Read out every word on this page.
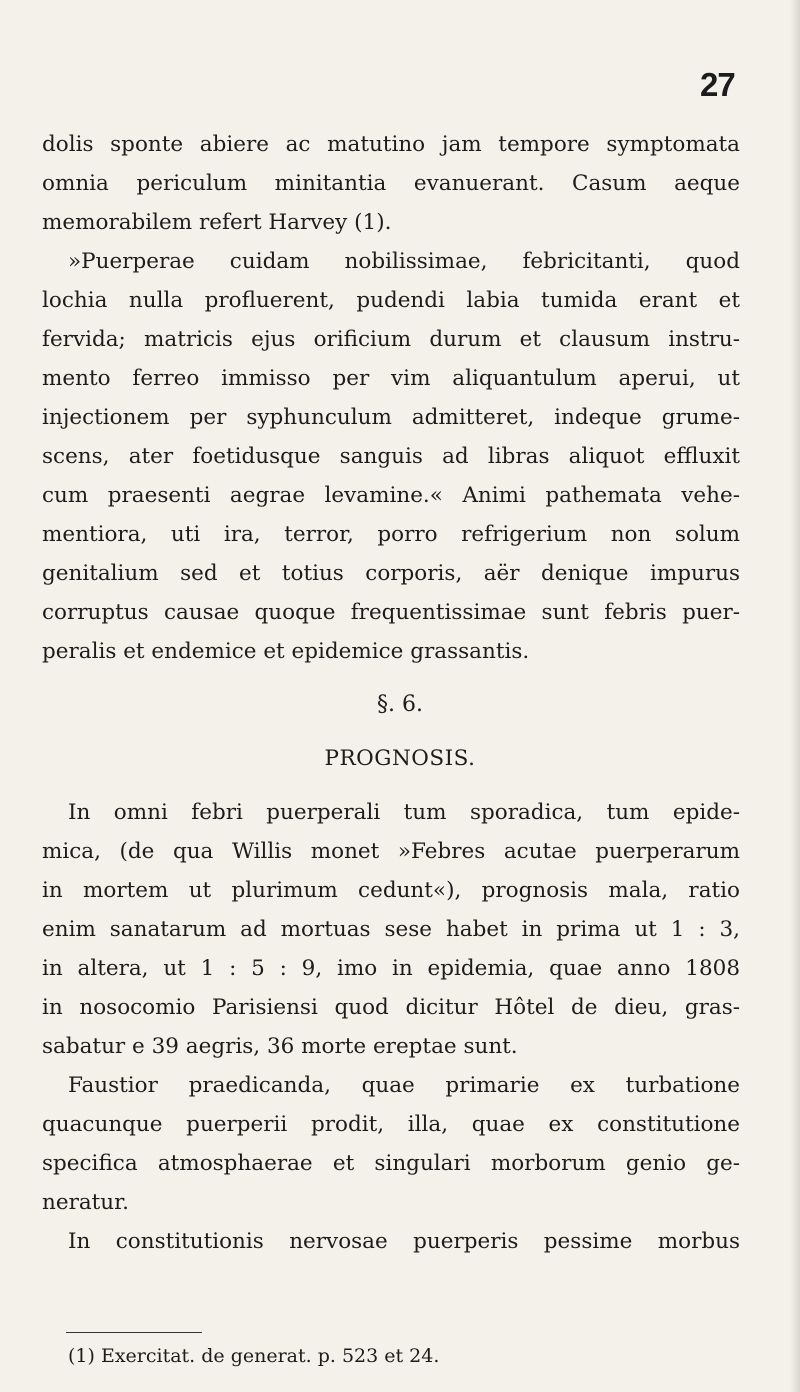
27
dolis sponte abiere ac matutino jam tempore symptomata
omnia periculum minitantia evanuerant. Casum aeque
memorabilem refert Harvey (1).
»Puerperae cuidam nobilissimae, febricitanti, quod
lochia nulla profluerent, pudendi labia tumida erant et
fervida; matricis ejus orificium durum et clausum instru-
mento ferreo immisso per vim aliquantulum aperui, ut
injectionem per syphunculum admitteret, indeque grume-
scens, ater foetidusque sanguis ad libras aliquot effluxit
cum praesenti aegrae levamine.« Animi pathemata vehe-
mentiora, uti ira, terror, porro refrigerium non solum
genitalium sed et totius corporis, aër denique impurus
corruptus causae quoque frequentissimae sunt febris puer-
peralis et endemice et epidemice grassantis.
§. 6.
PROGNOSIS.
In omni febri puerperali tum sporadica, tum epide-
mica, (de qua Willis monet »Febres acutae puerperarum
in mortem ut plurimum cedunt«), prognosis mala, ratio
enim sanatarum ad mortuas sese habet in prima ut 1 : 3,
in altera, ut 1 : 5 : 9, imo in epidemia, quae anno 1808
in nosocomio Parisiensi quod dicitur Hôtel de dieu, gras-
sabatur e 39 aegris, 36 morte ereptae sunt.
Faustior praedicanda, quae primarie ex turbatione
quacunque puerperii prodit, illa, quae ex constitutione
specifica atmosphaerae et singulari morborum genio ge-
neratur.
In constitutionis nervosae puerperis pessime morbus
(1) Exercitat. de generat. p. 523 et 24.
